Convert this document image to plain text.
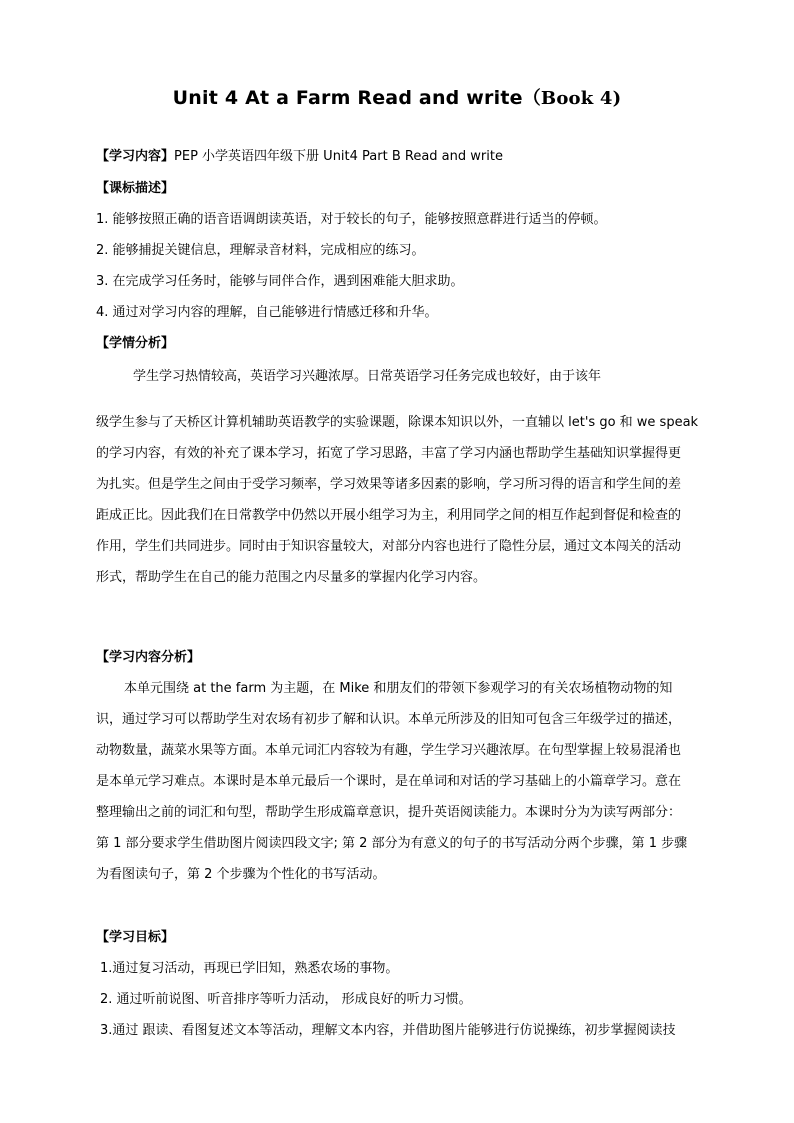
Unit 4 At a Farm Read and write（Book 4)
【学习内容】PEP 小学英语四年级下册 Unit4 Part B Read and write
【课标描述】
1. 能够按照正确的语音语调朗读英语，对于较长的句子，能够按照意群进行适当的停顿。
2. 能够捕捉关键信息，理解录音材料，完成相应的练习。
3. 在完成学习任务时，能够与同伴合作，遇到困难能大胆求助。
4. 通过对学习内容的理解，自己能够进行情感迁移和升华。
【学情分析】
学生学习热情较高，英语学习兴趣浓厚。日常英语学习任务完成也较好，由于该年
级学生参与了天桥区计算机辅助英语教学的实验课题，除课本知识以外，一直辅以 let's go 和 we speak
的学习内容，有效的补充了课本学习，拓宽了学习思路，丰富了学习内涵也帮助学生基础知识掌握得更
为扎实。但是学生之间由于受学习频率，学习效果等诸多因素的影响，学习所习得的语言和学生间的差
距成正比。因此我们在日常教学中仍然以开展小组学习为主，利用同学之间的相互作起到督促和检查的
作用，学生们共同进步。同时由于知识容量较大，对部分内容也进行了隐性分层，通过文本闯关的活动
形式，帮助学生在自己的能力范围之内尽量多的掌握内化学习内容。
【学习内容分析】
本单元围绕 at the farm 为主题，在 Mike 和朋友们的带领下参观学习的有关农场植物动物的知
识，通过学习可以帮助学生对农场有初步了解和认识。本单元所涉及的旧知可包含三年级学过的描述，
动物数量，蔬菜水果等方面。本单元词汇内容较为有趣，学生学习兴趣浓厚。在句型掌握上较易混淆也
是本单元学习难点。本课时是本单元最后一个课时，是在单词和对话的学习基础上的小篇章学习。意在
整理输出之前的词汇和句型，帮助学生形成篇章意识，提升英语阅读能力。本课时分为为读写两部分：
第 1 部分要求学生借助图片阅读四段文字; 第 2 部分为有意义的句子的书写活动分两个步骤，第 1 步骤
为看图读句子，第 2 个步骤为个性化的书写活动。
【学习目标】
1.通过复习活动，再现已学旧知，熟悉农场的事物。
2. 通过听前说图、听音排序等听力活动， 形成良好的听力习惯。
3.通过 跟读、看图复述文本等活动，理解文本内容，并借助图片能够进行仿说操练，初步掌握阅读技
